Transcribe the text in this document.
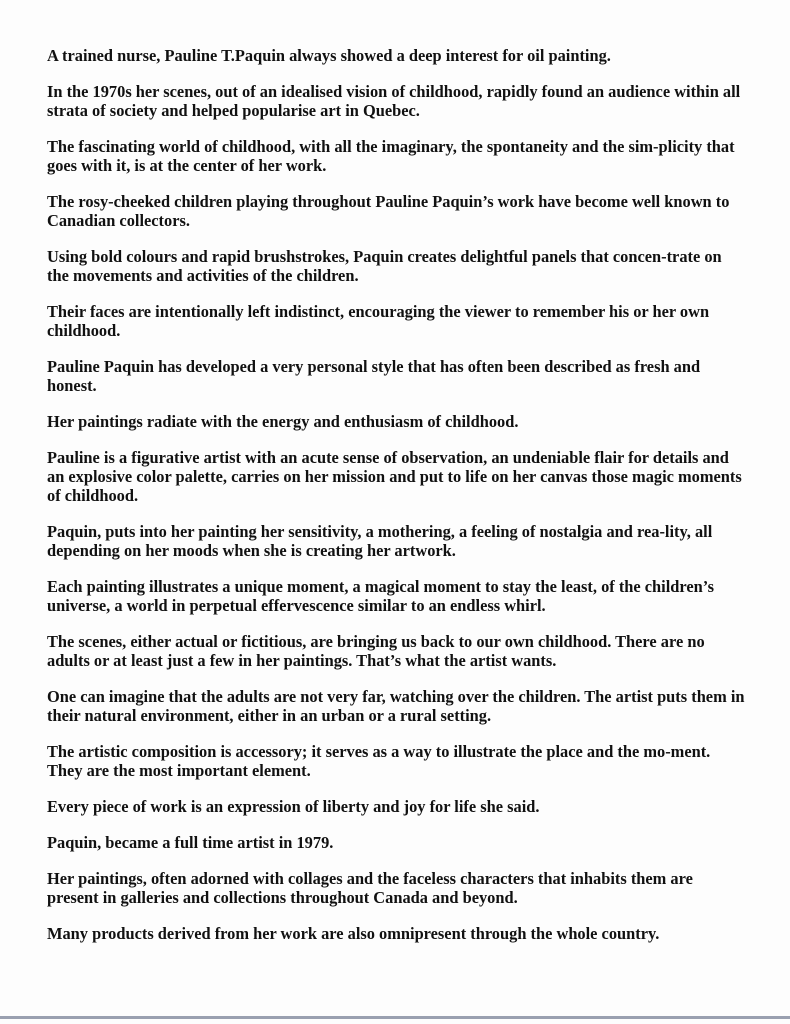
A trained nurse, Pauline T.Paquin always showed a deep interest for oil painting.

In the 1970s her scenes, out of an idealised vision of childhood, rapidly found an audience within all strata of society and helped popularise art in Quebec.

The fascinating world of childhood, with all the imaginary, the spontaneity and the sim-plicity that goes with it, is at the center of her work.

The rosy-cheeked children playing throughout Pauline Paquin’s work have become well known to Canadian collectors.

Using bold colours and rapid brushstrokes, Paquin creates delightful panels that concen-trate on the movements and activities of the children.

Their faces are intentionally left indistinct, encouraging the viewer to remember his or her own childhood.

Pauline Paquin has developed a very personal style that has often been described as fresh and honest.

Her paintings radiate with the energy and enthusiasm of childhood.

Pauline is a figurative artist with an acute sense of observation, an undeniable flair for details and an explosive color palette, carries on her mission and put to life on her canvas those magic moments of childhood.

Paquin, puts into her painting her sensitivity, a mothering, a feeling of nostalgia and rea-lity, all depending on her moods when she is creating her artwork.

Each painting illustrates a unique moment, a magical moment to stay the least, of the children’s universe, a world in perpetual effervescence similar to an endless whirl.

The scenes, either actual or fictitious, are bringing us back to our own childhood. There are no adults or at least just a few in her paintings. That’s what the artist wants.

One can imagine that the adults are not very far, watching over the children. The artist puts them in their natural environment, either in an urban or a rural setting.

The artistic composition is accessory; it serves as a way to illustrate the place and the mo-ment. They are the most important element.

Every piece of work is an expression of liberty and joy for life she said.

Paquin, became a full time artist in 1979.

Her paintings, often adorned with collages and the faceless characters that inhabits them are present in galleries and collections throughout Canada and beyond.

Many products derived from her work are also omnipresent through the whole country.
